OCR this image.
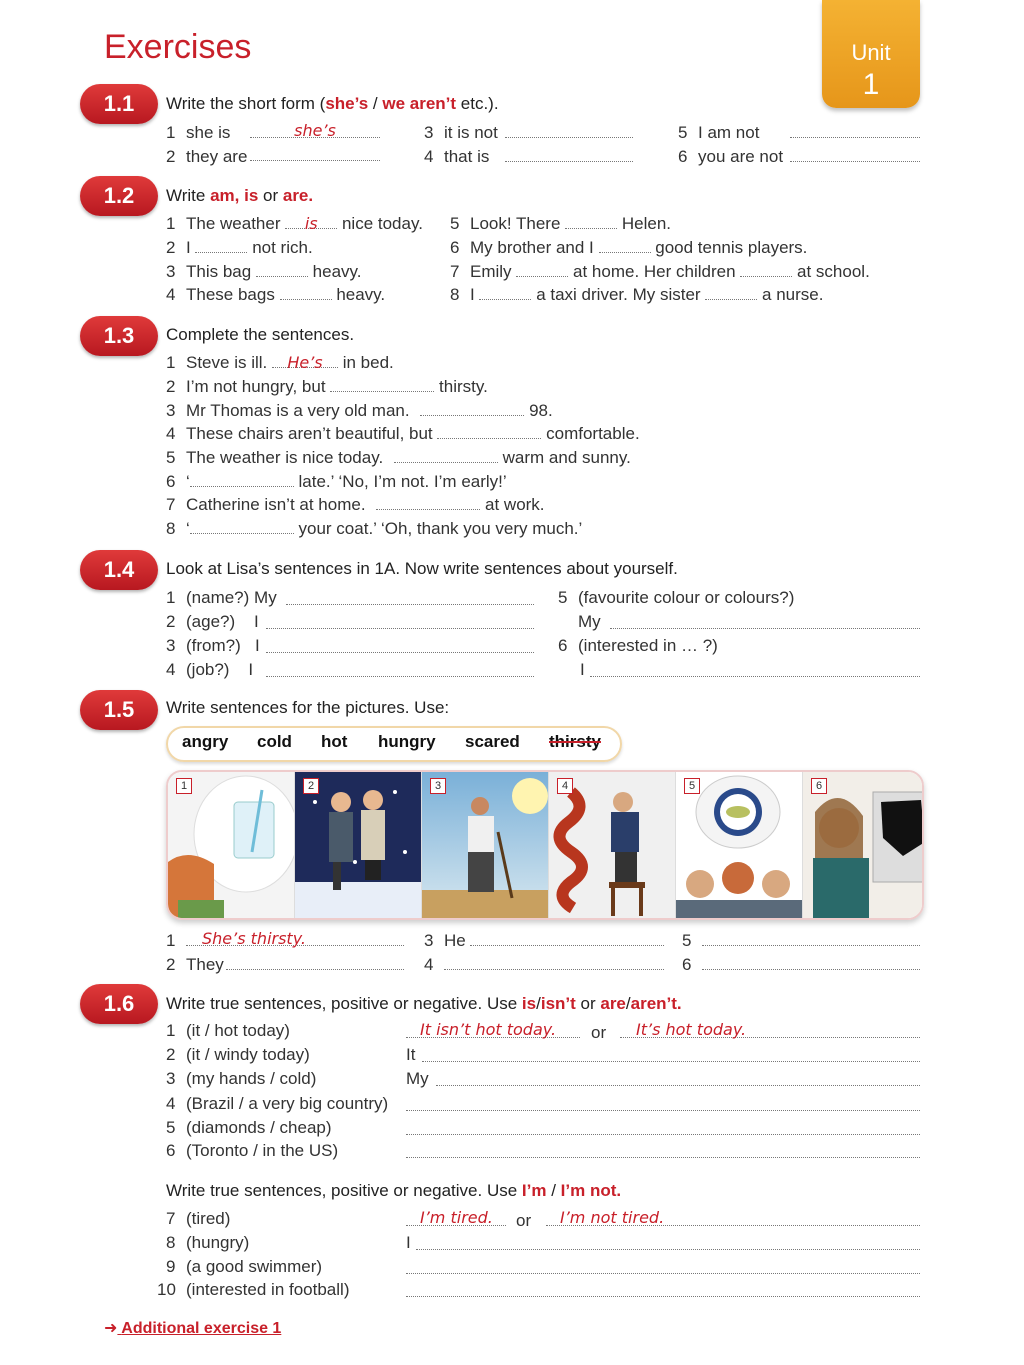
Exercises	Unit
1
1.1	Write the short form (she’s / we aren’t etc.).
1 she is	she’s
2 they are
3 it is not
4 that is
5 I am not
6 you are not
1.2	Write am, is or are.
1 The weather is nice today.
2 I	not rich.
3 This bag	heavy.
4 These bags	heavy.
5 Look! There	Helen.
6 My brother and I	good tennis players.
7 Emily	at home. Her children	at school.
8 I	a taxi driver. My sister	a nurse.
1.3	Complete the sentences.
1 Steve is ill. He’s in bed.
2 I’m not hungry, but	thirsty.
3 Mr Thomas is a very old man.	98.
4 These chairs aren’t beautiful, but	comfortable.
5 The weather is nice today.	warm and sunny.
6 ‘	late.’ ‘No, I’m not. I’m early!’
7 Catherine isn’t at home.	at work.
8 ‘	your coat.’ ‘Oh, thank you very much.’
1.4	Look at Lisa’s sentences in 1A. Now write sentences about yourself.
1 (name?) My
2 (age?) I
3 (from?) I
4 (job?) I
5 (favourite colour or colours?)
My
6 (interested in … ?)
I
1.5	Write sentences for the pictures. Use:
angry cold hot hungry scared thirsty
1	2	3	4	5	6
1	She’s thirsty.
2 They
3 He
4
5
6
1.6	Write true sentences, positive or negative. Use is/isn’t or are/aren’t.
1 (it / hot today)	It isn’t hot today.	or	It’s hot today.
2 (it / windy today)	It
3 (my hands / cold)	My
4 (Brazil / a very big country)
5 (diamonds / cheap)
6 (Toronto / in the US)
Write true sentences, positive or negative. Use I’m / I’m not.
7 (tired)	I’m tired.	or	I’m not tired.
8 (hungry)	I
9 (a good swimmer)
10 (interested in football)
➜ Additional exercise 1
